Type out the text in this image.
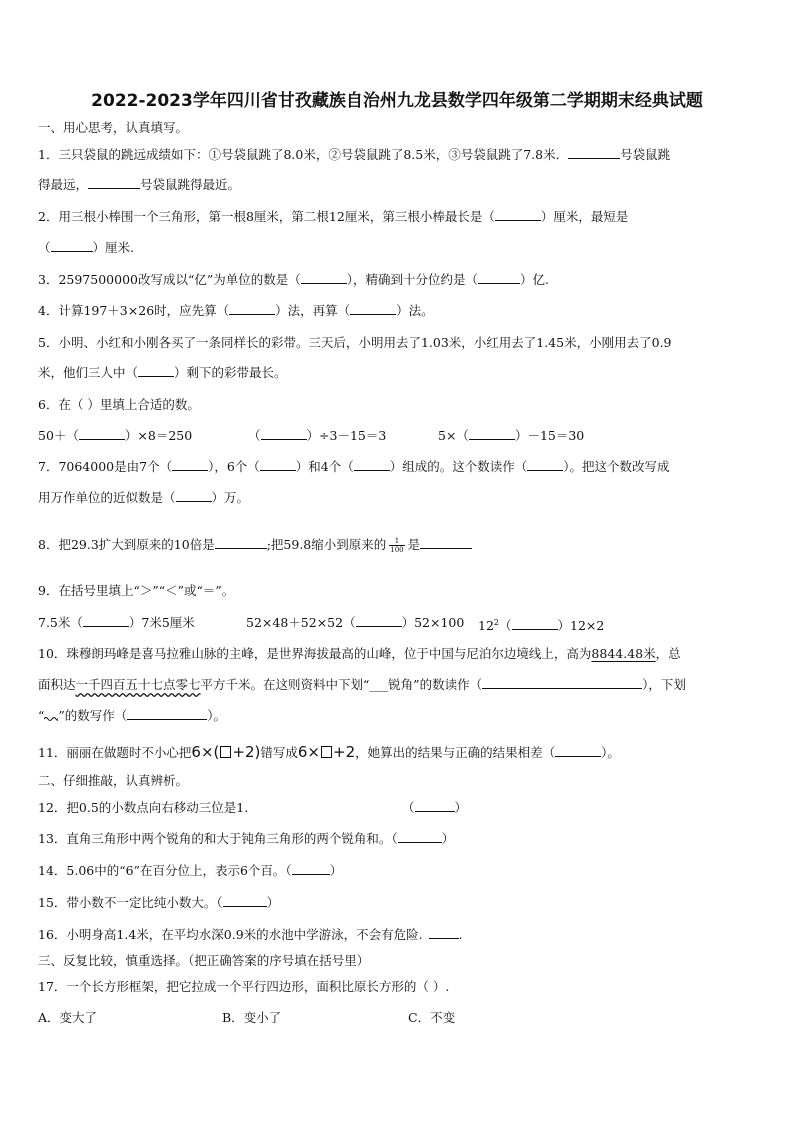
2022-2023学年四川省甘孜藏族自治州九龙县数学四年级第二学期期末经典试题
一、用心思考，认真填写。
1．三只袋鼠的跳远成绩如下：①号袋鼠跳了8.0米，②号袋鼠跳了8.5米，③号袋鼠跳了7.8米．	号袋鼠跳
得最远，	号袋鼠跳得最近。
2．用三根小棒围一个三角形，第一根8厘米，第二根12厘米，第三根小棒最长是（	）厘米，最短是
（	）厘米.
3．2597500000改写成以“亿”为单位的数是（	），精确到十分位约是（	）亿.
4．计算197＋3×26时，应先算（	）法，再算（	）法。
5．小明、小红和小刚各买了一条同样长的彩带。三天后，小明用去了1.03米，小红用去了1.45米，小刚用去了0.9
米，他们三人中（	）剩下的彩带最长。
6．在（ ）里填上合适的数。
50＋（	）×8＝250	（	）÷3－15＝3	5×（	）－15＝30
7．7064000是由7个（	），6个（	）和4个（	）组成的。这个数读作（	）。把这个数改写成
用万作单位的近似数是（	）万。
8．把29.3扩大到原来的10倍是	;把59.8缩小到原来的 $\frac{1}{100}$ 是
9．在括号里填上“＞”“＜”或“＝”。
7.5米（	）7米5厘米	52×48＋52×52（	）52×100 $12^2$（	）12×2
10．珠穆朗玛峰是喜马拉雅山脉的主峰，是世界海拔最高的山峰，位于中国与尼泊尔边境线上，高为8844.48米，总
面积达一千四百五十七点零七平方千米。在这则资料中下划“___锐角”的数读作（	），下划
“ ”的数写作（	）。
11．丽丽在做题时不小心把6×( +2)错写成6× +2，她算出的结果与正确的结果相差（	）。
二、仔细推敲，认真辨析。
12．把0.5的小数点向右移动三位是1.	（	）
13．直角三角形中两个锐角的和大于钝角三角形的两个锐角和。（	）
14．5.06中的“6”在百分位上，表示6个百。（	）
15．带小数不一定比纯小数大。（	）
16．小明身高1.4米，在平均水深0.9米的水池中学游泳，不会有危险.	.
三、反复比较，慎重选择。（把正确答案的序号填在括号里）
17．一个长方形框架，把它拉成一个平行四边形，面积比原长方形的（ ）.
A．变大了	B．变小了	C．不变
